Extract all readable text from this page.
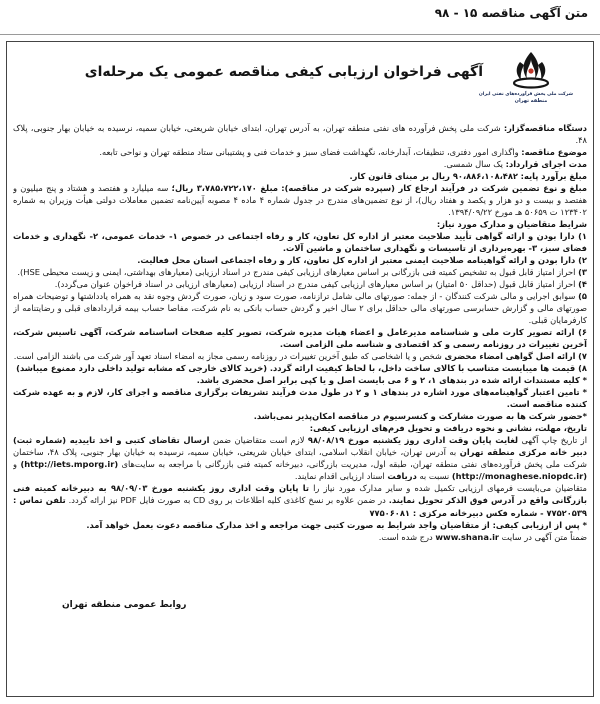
متن آگهی مناقصه ۱۵ - ۹۸
شرکت ملی پخش فرآورده‌های نفتی ایران
منطقه تهران
آگهی فراخوان ارزیابی کیفی مناقصه عمومی یک مرحله‌ای

دستگاه مناقصه‌گزار: شرکت ملی پخش فرآورده های نفتی منطقه تهران، به آدرس تهران، ابتدای خیابان شریعتی، خیابان سمیه، نرسیده به خیابان بهار جنوبی، پلاک ۴۸.

موضوع مناقصه: واگذاری امور دفتری، تنظیفات، آبدارخانه، نگهداشت فضای سبز و خدمات فنی و پشتیبانی ستاد منطقه تهران و نواحی تابعه.

مدت اجرای قرارداد: یک سال شمسی.

مبلغ برآورد پایه: ۹۰،۸۸۶،۱۰۸،۴۸۲ ریال بر مبنای قانون کار.

مبلغ و نوع تضمین شرکت در فرآیند ارجاع کار (سپرده شرکت در مناقصه): مبلغ ۳،۷۸۵،۷۲۲،۱۷۰ ریال؛ سه میلیارد و هفتصد و هشتاد و پنج میلیون و هفتصد و بیست و دو هزار و یکصد و هفتاد ریال)، از نوع تضمین‌های مندرج در جدول شماره ۴ ماده ۴ مصوبه آیین‌نامه تضمین معاملات دولتی هیأت وزیران به شماره ۱۲۳۴۰۲ ت ۵۰۶۵۹ هـ مورخ ۱۳۹۴/۰۹/۲۲.

شرایط متقاضیان و مدارک مورد نیاز:

۱) دارا بودن و ارائه گواهی تأیید صلاحیت معتبر از اداره کل تعاون، کار و رفاه اجتماعی در خصوص ۱- خدمات عمومی، ۲- نگهداری و خدمات فضای سبز، ۳- بهره‌برداری از تاسیسات و نگهداری ساختمان و ماشین آلات.

۲) دارا بودن و ارائه گواهینامه صلاحیت ایمنی معتبر از اداره کل تعاون، کار و رفاه اجتماعی استان محل فعالیت.

۳) احراز امتیاز قابل قبول به تشخیص کمیته فنی بازرگانی بر اساس معیارهای ارزیابی کیفی مندرج در اسناد ارزیابی (معیارهای بهداشتی، ایمنی و زیست محیطی HSE).

۴) احراز امتیاز قابل قبول (حداقل ۵۰ امتیاز) بر اساس معیارهای ارزیابی کیفی مندرج در اسناد ارزیابی (معیارهای ارزیابی در اسناد فراخوان عنوان می‌گردد).

۵) سوابق اجرایی و مالی شرکت کنندگان - از جمله: صورتهای مالی شامل ترازنامه، صورت سود و زیان، صورت گردش وجوه نقد به همراه یادداشتها و توضیحات همراه صورتهای مالی و گزارش حسابرسی صورتهای مالی حداقل برای ۲ سال اخیر و گردش حساب بانکی به نام شرکت، مفاصا حساب بیمه قراردادهای قبلی و رضایتنامه از کارفرمایان قبلی.

۶) ارائه تصویر کارت ملی و شناسنامه مدیرعامل و اعضاء هیات مدیره شرکت، تصویر کلیه صفحات اساسنامه شرکت، آگهی تاسیس شرکت، آخرین تغییرات در روزنامه رسمی و کد اقتصادی و شناسه ملی الزامی است.

۷) ارائه اصل گواهی امضاء محضری شخص و یا اشخاصی که طبق آخرین تغییرات در روزنامه رسمی مجاز به امضاء اسناد تعهد آور شرکت می باشند الزامی است.

۸) قیمت ها میبایست متناسب با کالای ساخت داخل، با لحاظ کیفیت ارائه گردد. (خرید کالای خارجی که مشابه تولید داخلی دارد ممنوع میباشد)

* کلیه مستندات ارائه شده در بندهای ۱، ۲ و ۶ می بایست اصل و یا کپی برابر اصل محضری باشد.

* تامین اعتبار گواهینامه‌های مورد اشاره در بندهای ۱ و ۲ در طول مدت فرآیند تشریفات برگزاری مناقصه و اجرای کار، لازم و به عهده شرکت کننده مناقصه است.

*حضور شرکت ها به صورت مشارکت و کنسرسیوم در مناقصه امکان‌پذیر نمی‌باشد.

تاریخ، مهلت، نشانی و نحوه دریافت و تحویل فرم‌های ارزیابی کیفی:

از تاریخ چاپ آگهی لغایت پایان وقت اداری روز یکشنبه مورخ ۹۸/۰۸/۱۹ لازم است متقاضیان ضمن ارسال تقاضای کتبی و اخذ تاییدیه (شماره ثبت) دبیر خانه مرکزی منطقه تهران به آدرس تهران، خیابان انقلاب اسلامی، ابتدای خیابان شریعتی، خیابان سمیه، نرسیده به خیابان بهار جنوبی، پلاک ۴۸، ساختمان شرکت ملی پخش فرآورده‌های نفتی منطقه تهران، طبقه اول، مدیریت بازرگانی، دبیرخانه کمیته فنی بازرگانی با مراجعه به سایت‌های (http://iets.mporg.ir) و (http://monaghese.niopdc.ir) نسبت به دریافت اسناد ارزیابی اقدام نمایند.

متقاضیان می‌بایست فرمهای ارزیابی تکمیل شده و سایر مدارک مورد نیاز را تا پایان وقت اداری روز یکشنبه مورخ ۹۸/۰۹/۰۳ به دبیرخانه کمیته فنی بازرگانی واقع در آدرس فوق الذکر تحویل نمایند. در ضمن علاوه بر نسخ کاغذی کلیه اطلاعات بر روی CD به صورت فایل PDF نیز ارائه گردد. تلفن تماس : ۷۷۵۲۰۵۳۹ - شماره فکس دبیرخانه مرکزی : ۷۷۵۰۶۰۸۱

* پس از ارزیابی کیفی: از متقاضیان واجد شرایط به صورت کتبی جهت مراجعه و اخذ مدارک مناقصه دعوت بعمل خواهد آمد.

ضمناً متن آگهی در سایت www.shana.ir درج شده است.

روابط عمومی منطقه تهران
